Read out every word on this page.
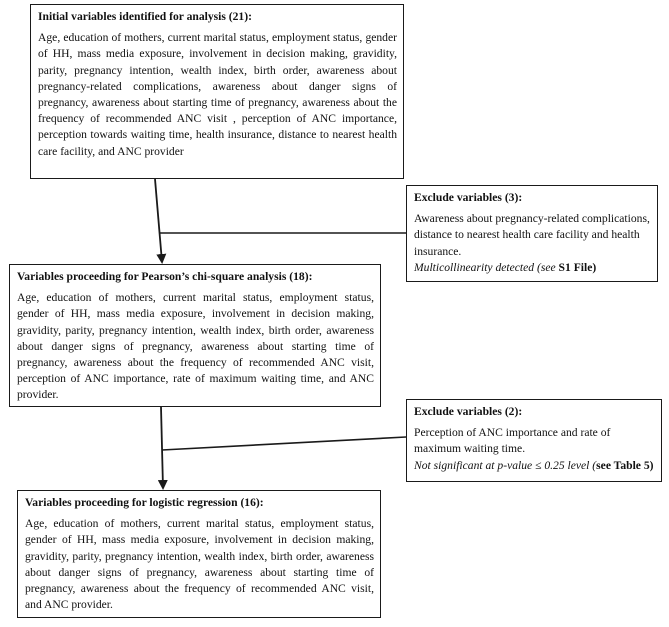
Initial variables identified for analysis (21):
Age, education of mothers, current marital status, employment status, gender of HH, mass media exposure, involvement in decision making, gravidity, parity, pregnancy intention, wealth index, birth order, awareness about pregnancy-related complications, awareness about danger signs of pregnancy, awareness about starting time of pregnancy, awareness about the frequency of recommended ANC visit , perception of ANC importance, perception towards waiting time, health insurance, distance to nearest health care facility, and ANC provider
Exclude variables (3):
Awareness about pregnancy-related complications, distance to nearest health care facility and health insurance.
Multicollinearity detected (see S1 File)
Variables proceeding for Pearson’s chi-square analysis (18):
Age, education of mothers, current marital status, employment status, gender of HH, mass media exposure, involvement in decision making, gravidity, parity, pregnancy intention, wealth index, birth order, awareness about danger signs of pregnancy, awareness about starting time of pregnancy, awareness about the frequency of recommended ANC visit, perception of ANC importance, rate of maximum waiting time, and ANC provider.
Exclude variables (2):
Perception of ANC importance and rate of maximum waiting time.
Not significant at p-value ≤ 0.25 level (see Table 5)
Variables proceeding for logistic regression (16):
Age, education of mothers, current marital status, employment status, gender of HH, mass media exposure, involvement in decision making, gravidity, parity, pregnancy intention, wealth index, birth order, awareness about danger signs of pregnancy, awareness about starting time of pregnancy, awareness about the frequency of recommended ANC visit, and ANC provider.
